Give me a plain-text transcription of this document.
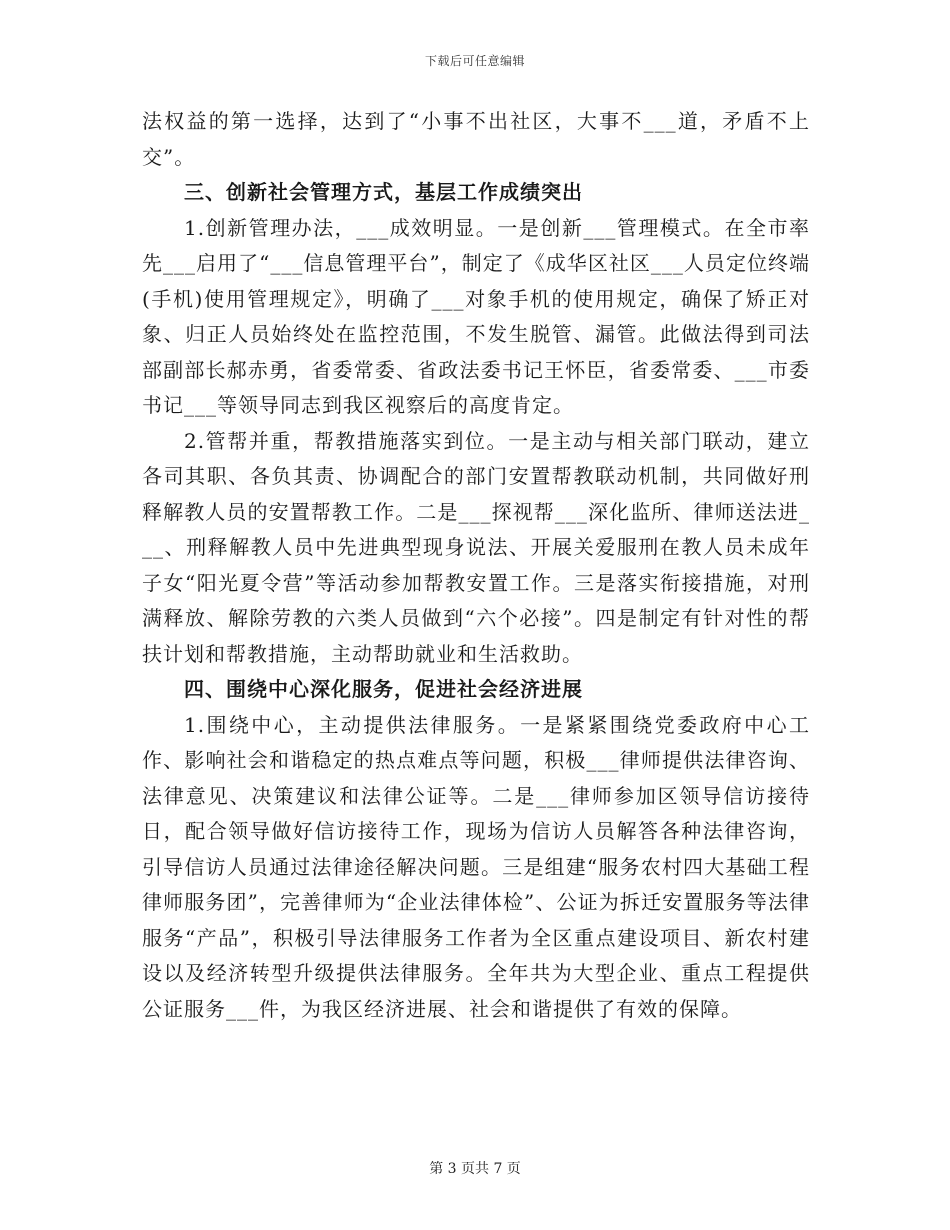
下载后可任意编辑

法权益的第一选择，达到了“小事不出社区，大事不___道，矛盾不上交”。

三、创新社会管理方式，基层工作成绩突出

1.创新管理办法，___成效明显。一是创新___管理模式。在全市率先___启用了“___信息管理平台”，制定了《成华区社区___人员定位终端(手机)使用管理规定》，明确了___对象手机的使用规定，确保了矫正对象、归正人员始终处在监控范围，不发生脱管、漏管。此做法得到司法部副部长郝赤勇，省委常委、省政法委书记王怀臣，省委常委、___市委书记___等领导同志到我区视察后的高度肯定。

2.管帮并重，帮教措施落实到位。一是主动与相关部门联动，建立各司其职、各负其责、协调配合的部门安置帮教联动机制，共同做好刑释解教人员的安置帮教工作。二是___探视帮___深化监所、律师送法进___、刑释解教人员中先进典型现身说法、开展关爱服刑在教人员未成年子女“阳光夏令营”等活动参加帮教安置工作。三是落实衔接措施，对刑满释放、解除劳教的六类人员做到“六个必接”。四是制定有针对性的帮扶计划和帮教措施，主动帮助就业和生活救助。

四、围绕中心深化服务，促进社会经济进展

1.围绕中心，主动提供法律服务。一是紧紧围绕党委政府中心工作、影响社会和谐稳定的热点难点等问题，积极___律师提供法律咨询、法律意见、决策建议和法律公证等。二是___律师参加区领导信访接待日，配合领导做好信访接待工作，现场为信访人员解答各种法律咨询，引导信访人员通过法律途径解决问题。三是组建“服务农村四大基础工程律师服务团”，完善律师为“企业法律体检”、公证为拆迁安置服务等法律服务“产品”，积极引导法律服务工作者为全区重点建设项目、新农村建设以及经济转型升级提供法律服务。全年共为大型企业、重点工程提供公证服务___件，为我区经济进展、社会和谐提供了有效的保障。

第 3 页共 7 页
